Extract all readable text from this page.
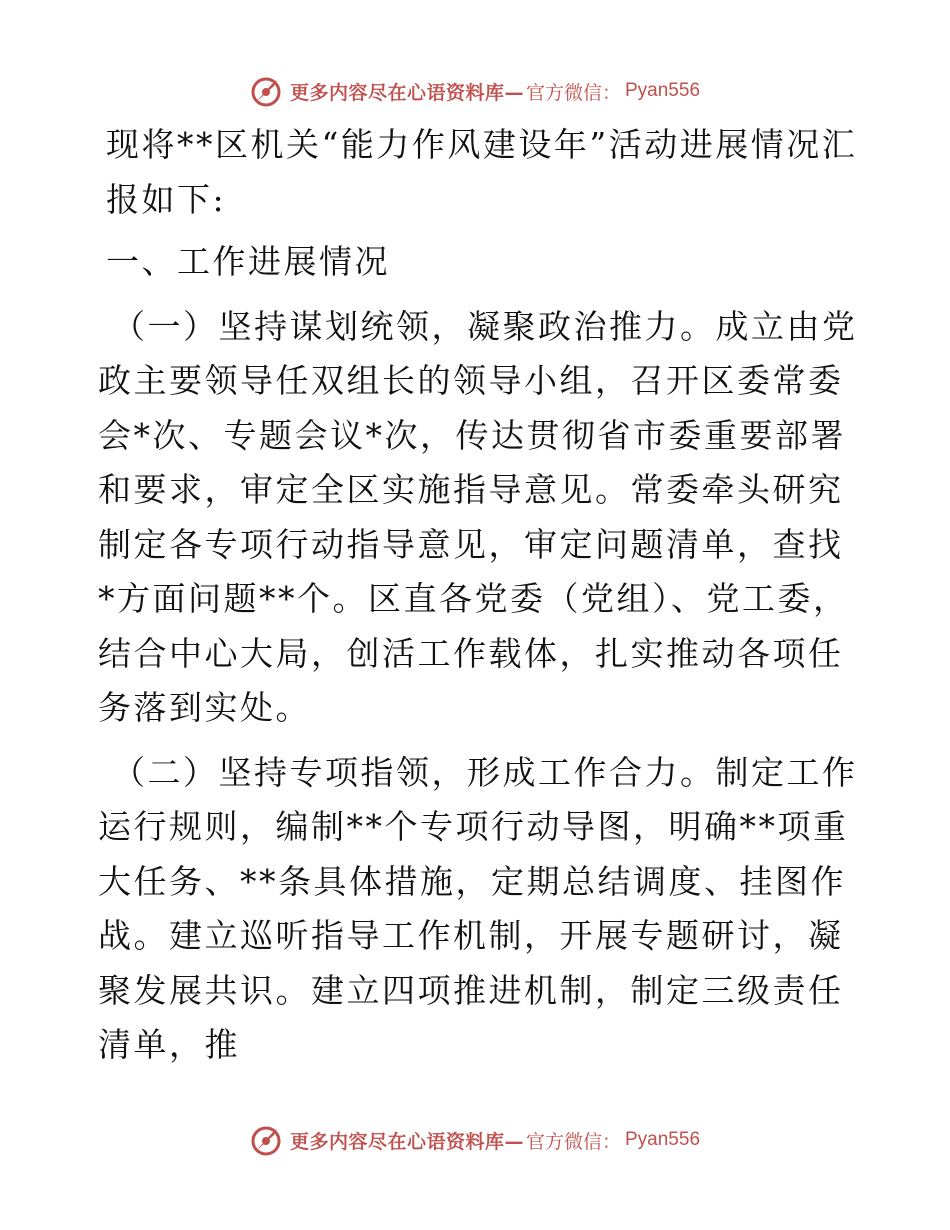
更多内容尽在心语资料库— 官方微信： Pyan556

现将**区机关“能力作风建设年”活动进展情况汇报如下:

一、工作进展情况

（一）坚持谋划统领，凝聚政治推力。成立由党政主要领导任双组长的领导小组，召开区委常委会*次、专题会议*次，传达贯彻省市委重要部署和要求，审定全区实施指导意见。常委牵头研究制定各专项行动指导意见，审定问题清单，查找*方面问题**个。区直各党委（党组）、党工委，结合中心大局，创活工作载体，扎实推动各项任务落到实处。

（二）坚持专项指领，形成工作合力。制定工作运行规则，编制**个专项行动导图，明确**项重大任务、**条具体措施，定期总结调度、挂图作战。建立巡听指导工作机制，开展专题研讨，凝聚发展共识。建立四项推进机制，制定三级责任清单，推

更多内容尽在心语资料库— 官方微信： Pyan556
